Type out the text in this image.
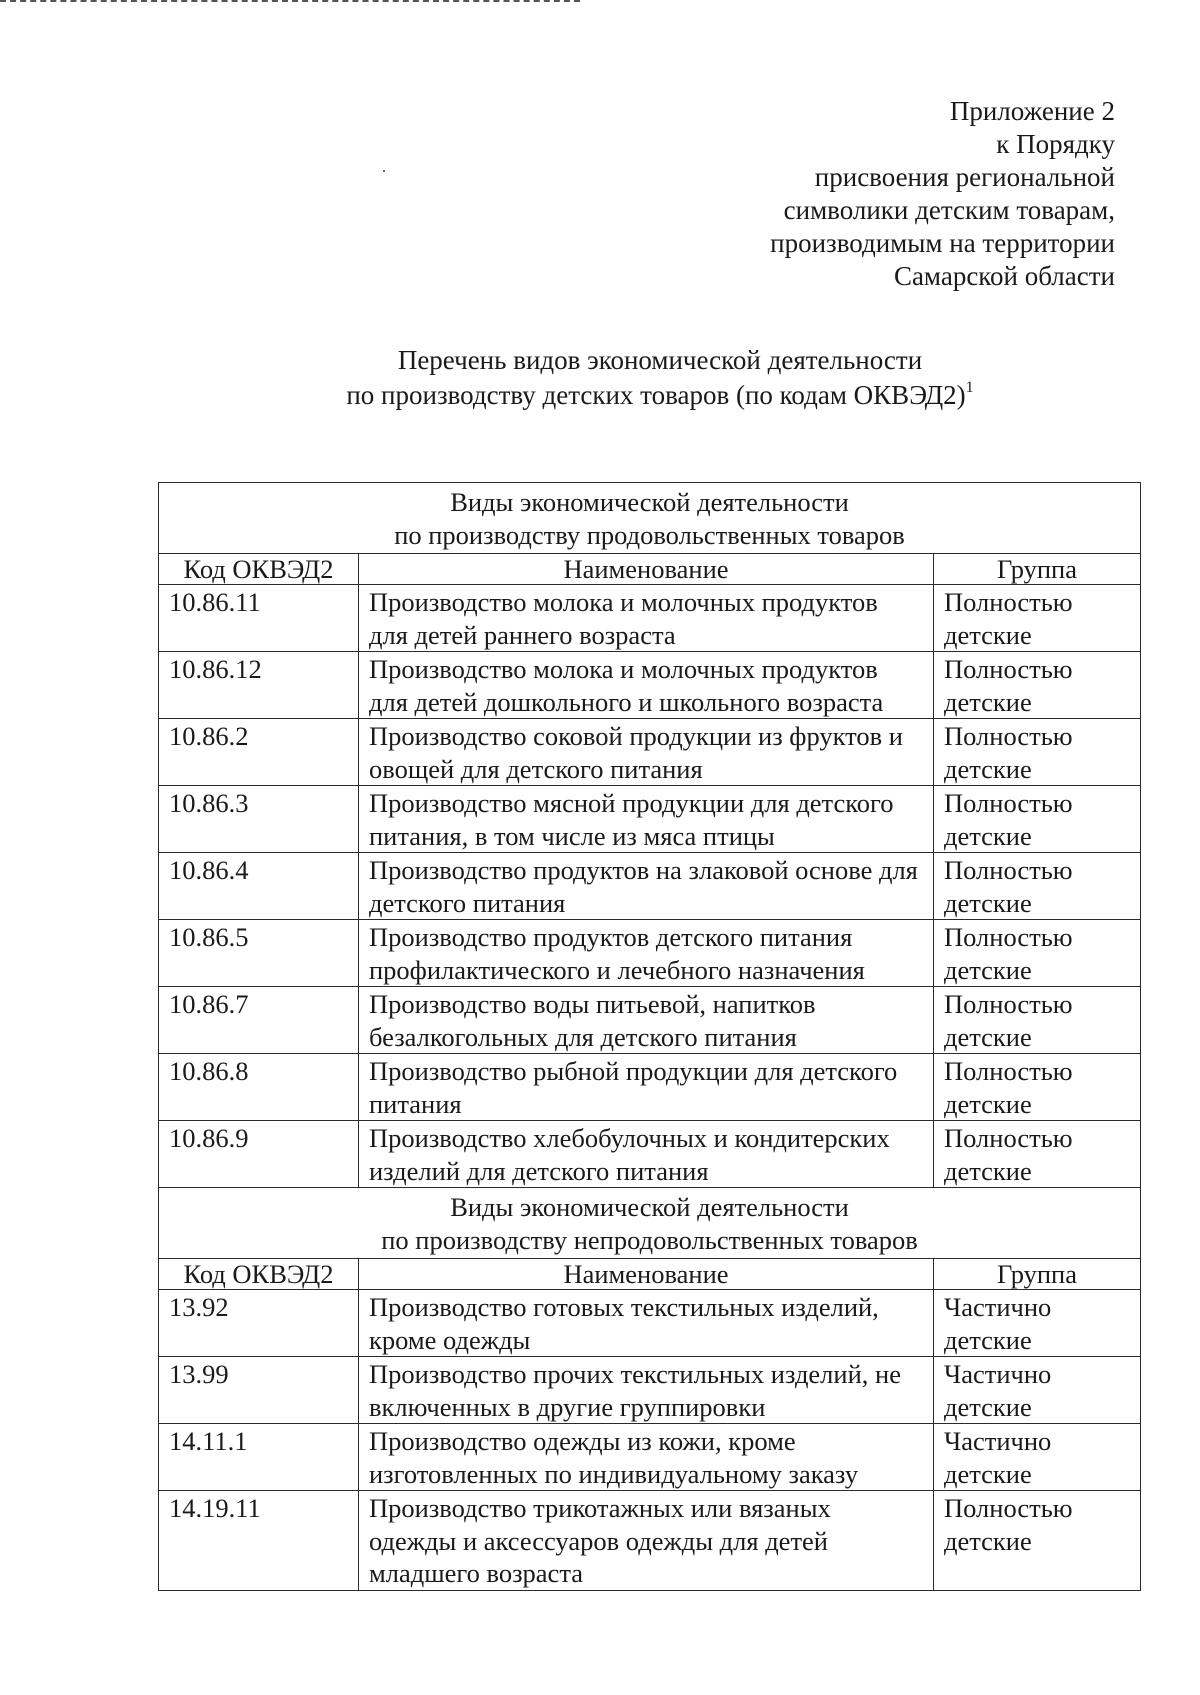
Приложение 2
к Порядку
присвоения региональной
символики детским товарам,
производимым на территории
Самарской области
Перечень видов экономической деятельности
по производству детских товаров (по кодам ОКВЭД2)$^1$
Виды экономической деятельности
по производству продовольственных товаров		

Код ОКВЭД2	Наименование	Группа
10.86.11	Производство молока и молочных продуктов для детей раннего возраста	Полностью детские
10.86.12	Производство молока и молочных продуктов для детей дошкольного и школьного возраста	Полностью детские
10.86.2	Производство соковой продукции из фруктов и овощей для детского питания	Полностью детские
10.86.3	Производство мясной продукции для детского питания, в том числе из мяса птицы	Полностью детские
10.86.4	Производство продуктов на злаковой основе для детского питания	Полностью детские
10.86.5	Производство продуктов детского питания профилактического и лечебного назначения	Полностью детские
10.86.7	Производство воды питьевой, напитков безалкогольных для детского питания	Полностью детские
10.86.8	Производство рыбной продукции для детского питания	Полностью детские
10.86.9	Производство хлебобулочных и кондитерских изделий для детского питания	Полностью детские

Виды экономической деятельности
по производству непродовольственных товаров		

Код ОКВЭД2	Наименование	Группа
13.92	Производство готовых текстильных изделий, кроме одежды	Частично детские
13.99	Производство прочих текстильных изделий, не включенных в другие группировки	Частично детские
14.11.1	Производство одежды из кожи, кроме изготовленных по индивидуальному заказу	Частично детские
14.19.11	Производство трикотажных или вязаных одежды и аксессуаров одежды для детей младшего возраста	Полностью детские
